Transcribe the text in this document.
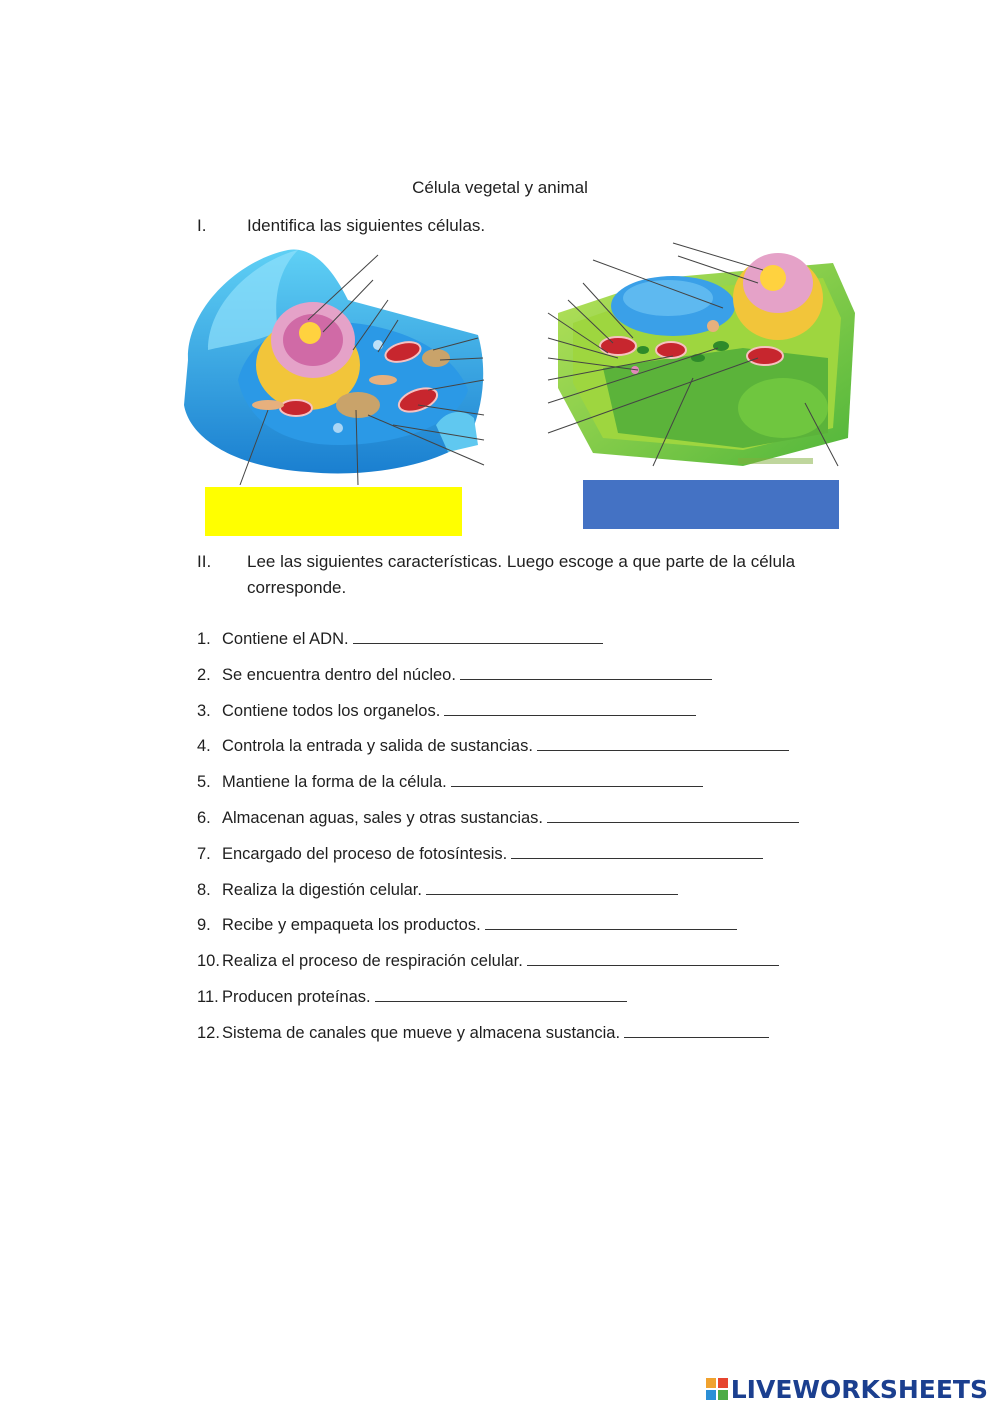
Célula vegetal y animal
I.	Identifica las siguientes células.
II.	Lee las siguientes características. Luego escoge a que parte de la célula corresponde.
1. Contiene el ADN.
2. Se encuentra dentro del núcleo.
3. Contiene todos los organelos.
4. Controla la entrada y salida de sustancias.
5. Mantiene la forma de la célula.
6. Almacenan aguas, sales y otras sustancias.
7. Encargado del proceso de fotosíntesis.
8. Realiza la digestión celular.
9. Recibe y empaqueta los productos.
10. Realiza el proceso de respiración celular.
11. Producen proteínas.
12. Sistema de canales que mueve y almacena sustancia.
LIVEWORKSHEETS
